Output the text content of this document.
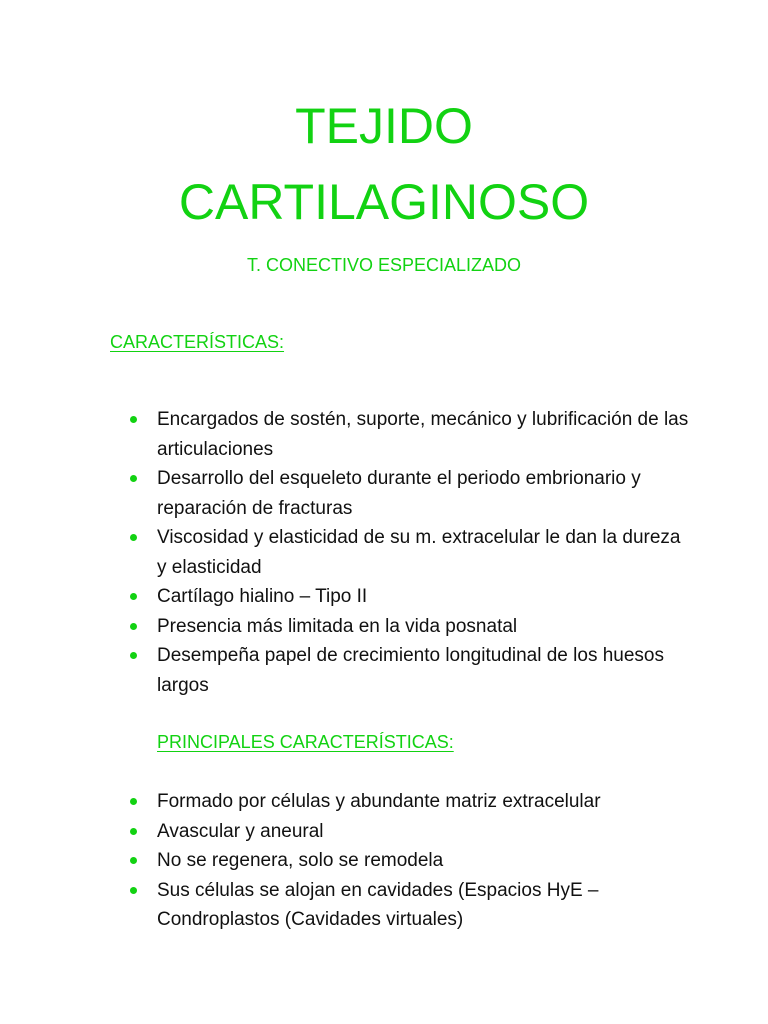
TEJIDO
CARTILAGINOSO
T. CONECTIVO ESPECIALIZADO
CARACTERÍSTICAS:
Encargados de sostén, suporte, mecánico y lubrificación de las articulaciones
Desarrollo del esqueleto durante el periodo embrionario y reparación de fracturas
Viscosidad y elasticidad de su m. extracelular le dan la dureza y elasticidad
Cartílago hialino – Tipo II
Presencia más limitada en la vida posnatal
Desempeña papel de crecimiento longitudinal de los huesos largos
PRINCIPALES CARACTERÍSTICAS:
Formado por células y abundante matriz extracelular
Avascular y aneural
No se regenera, solo se remodela
Sus células se alojan en cavidades (Espacios HyE – Condroplastos (Cavidades virtuales)
